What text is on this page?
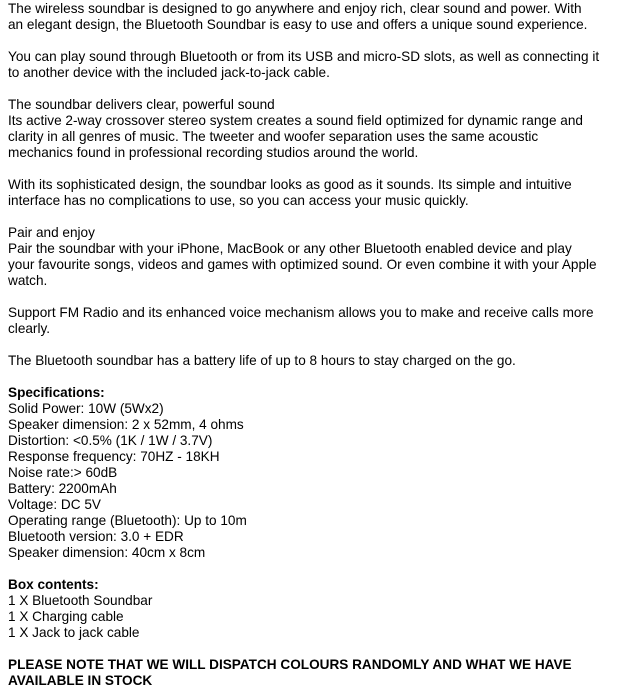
The wireless soundbar is designed to go anywhere and enjoy rich, clear sound and power. With
an elegant design, the Bluetooth Soundbar is easy to use and offers a unique sound experience.

You can play sound through Bluetooth or from its USB and micro-SD slots, as well as connecting it
to another device with the included jack-to-jack cable.

The soundbar delivers clear, powerful sound
Its active 2-way crossover stereo system creates a sound field optimized for dynamic range and
clarity in all genres of music. The tweeter and woofer separation uses the same acoustic
mechanics found in professional recording studios around the world.

With its sophisticated design, the soundbar looks as good as it sounds. Its simple and intuitive
interface has no complications to use, so you can access your music quickly.

Pair and enjoy
Pair the soundbar with your iPhone, MacBook or any other Bluetooth enabled device and play
your favourite songs, videos and games with optimized sound. Or even combine it with your Apple
watch.

Support FM Radio and its enhanced voice mechanism allows you to make and receive calls more
clearly.

The Bluetooth soundbar has a battery life of up to 8 hours to stay charged on the go.

Specifications:
Solid Power: 10W (5Wx2)
Speaker dimension: 2 x 52mm, 4 ohms
Distortion: <0.5% (1K / 1W / 3.7V)
Response frequency: 70HZ - 18KH
Noise rate:> 60dB
Battery: 2200mAh
Voltage: DC 5V
Operating range (Bluetooth): Up to 10m
Bluetooth version: 3.0 + EDR
Speaker dimension: 40cm x 8cm
Box contents:
1 X Bluetooth Soundbar
1 X Charging cable
1 X Jack to jack cable

PLEASE NOTE THAT WE WILL DISPATCH COLOURS RANDOMLY AND WHAT WE HAVE
AVAILABLE IN STOCK
